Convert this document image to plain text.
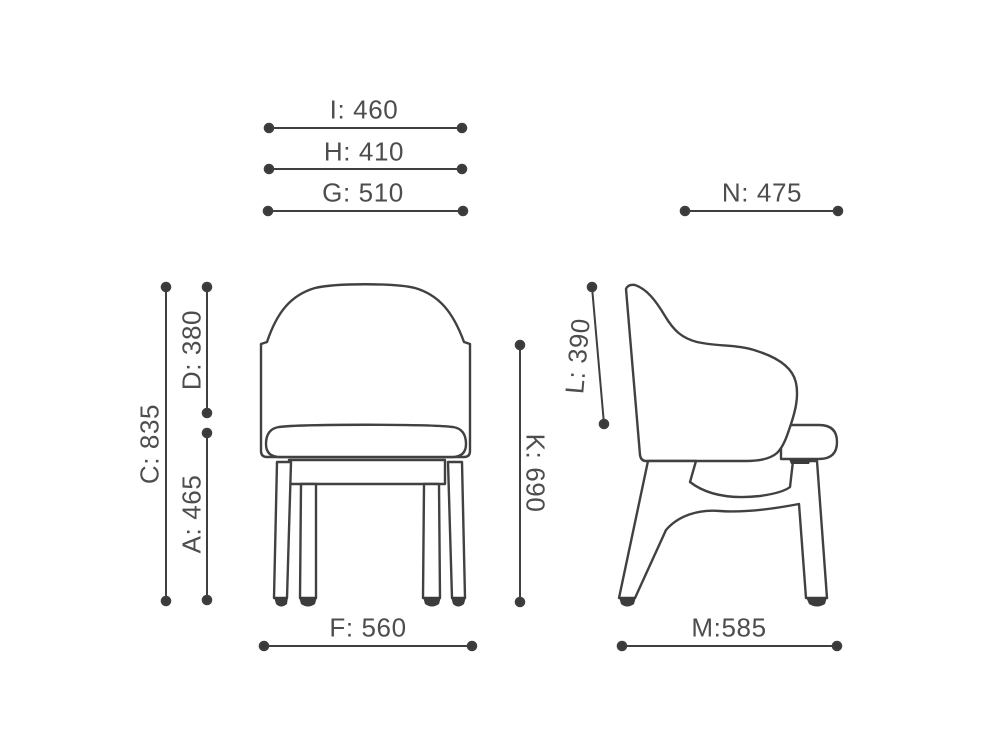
I: 460
H: 410
G: 510	N: 475
C: 835
D: 380
A: 465
K: 690
L: 390
F: 560	M:585
